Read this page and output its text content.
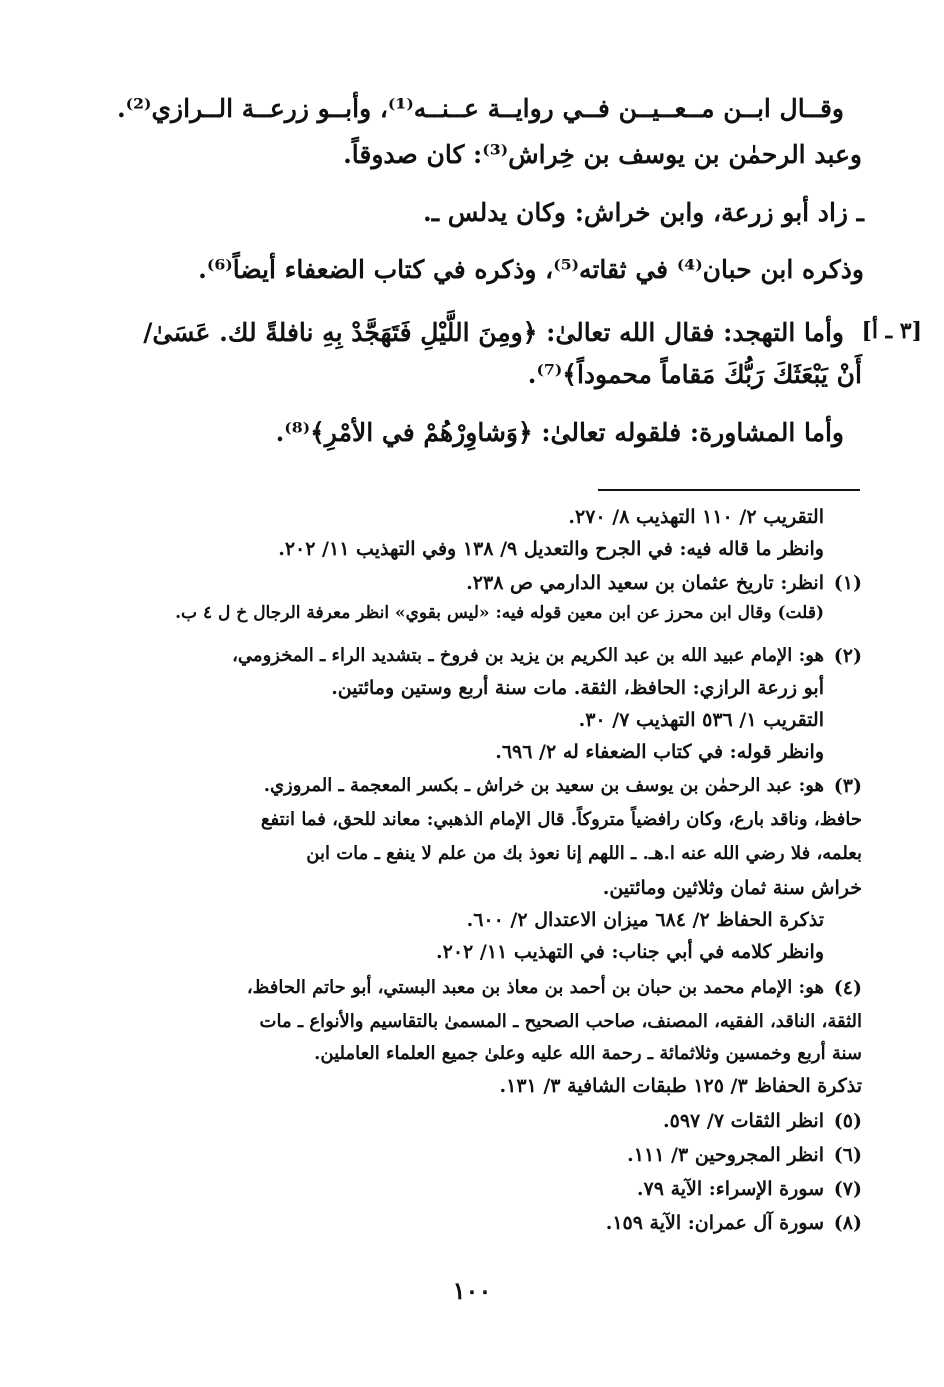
وقــال ابــن مــعــيــن فــي روايــة عــنــه⁽¹⁾، وأبــو زرعــة الــرازي⁽²⁾.
وعبد الرحمٰن بن يوسف بن خِراش⁽³⁾: كان صدوقاً.
ـ زاد أبو زرعة، وابن خراش: وكان يدلس ـ.
وذكره ابن حبان⁽⁴⁾ في ثقاته⁽⁵⁾، وذكره في كتاب الضعفاء أيضاً⁽⁶⁾.
[٣ ـ أ]
وأما التهجد: فقال الله تعالىٰ: ﴿ومِنَ اللَّيْلِ فَتَهَجَّدْ بِهِ نافلةً لك. عَسَىٰ/
أَنْ يَبْعَثَكَ رَبُّكَ مَقاماً محموداً﴾⁽⁷⁾.
وأما المشاورة: فلقوله تعالىٰ: ﴿وَشاوِرْهُمْ في الأمْرِ﴾⁽⁸⁾.
التقريب ٢/ ١١٠ التهذيب ٨/ ٢٧٠.
وانظر ما قاله فيه: في الجرح والتعديل ٩/ ١٣٨ وفي التهذيب ١١/ ٢٠٢.
(١)
انظر: تاريخ عثمان بن سعيد الدارمي ص ٢٣٨.
(قلت) وقال ابن محرز عن ابن معين قوله فيه: «ليس بقوي» انظر معرفة الرجال خ ل ٤ ب.
(٢)
هو: الإمام عبيد الله بن عبد الكريم بن يزيد بن فروخ ـ بتشديد الراء ـ المخزومي،
أبو زرعة الرازي: الحافظ، الثقة. مات سنة أربع وستين ومائتين.
التقريب ١/ ٥٣٦ التهذيب ٧/ ٣٠.
وانظر قوله: في كتاب الضعفاء له ٢/ ٦٩٦.
(٣)
هو: عبد الرحمٰن بن يوسف بن سعيد بن خراش ـ بكسر المعجمة ـ المروزي.
حافظ، وناقد بارع، وكان رافضياً متروكاً. قال الإمام الذهبي: معاند للحق، فما انتفع
بعلمه، فلا رضي الله عنه ا.هـ. ـ اللهم إنا نعوذ بك من علم لا ينفع ـ مات ابن
خراش سنة ثمان وثلاثين ومائتين.
تذكرة الحفاظ ٢/ ٦٨٤ ميزان الاعتدال ٢/ ٦٠٠.
وانظر كلامه في أبي جناب: في التهذيب ١١/ ٢٠٢.
(٤)
هو: الإمام محمد بن حبان بن أحمد بن معاذ بن معبد البستي، أبو حاتم الحافظ،
الثقة، الناقد، الفقيه، المصنف، صاحب الصحيح ـ المسمىٰ بالتقاسيم والأنواع ـ مات
سنة أربع وخمسين وثلاثمائة ـ رحمة الله عليه وعلىٰ جميع العلماء العاملين.
تذكرة الحفاظ ٣/ ١٢٥ طبقات الشافية ٣/ ١٣١.
(٥)
انظر الثقات ٧/ ٥٩٧.
(٦)
انظر المجروحين ٣/ ١١١.
(٧)
سورة الإسراء: الآية ٧٩.
(٨)
سورة آل عمران: الآية ١٥٩.
١٠٠
